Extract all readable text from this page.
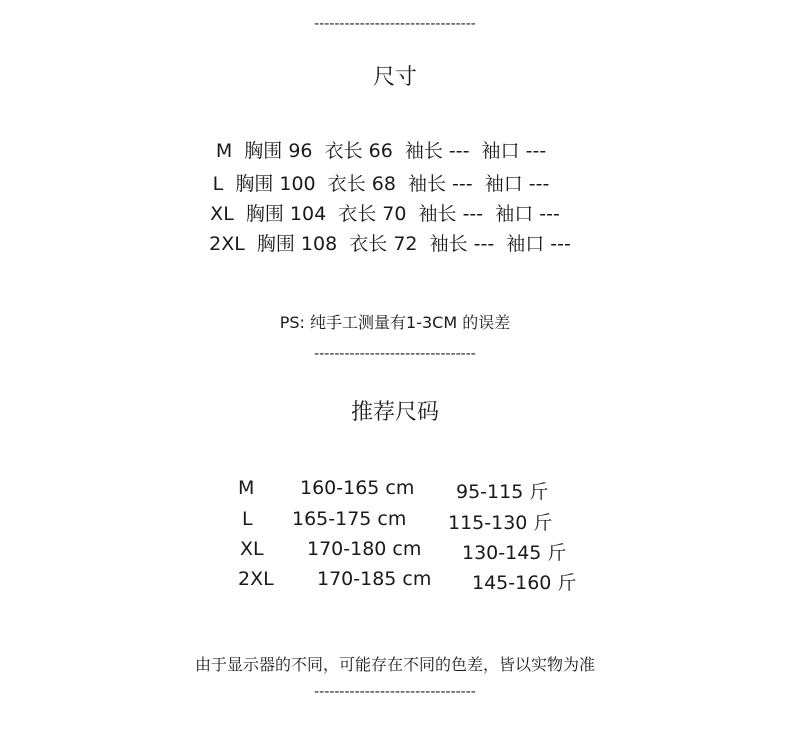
--------------------------------
尺寸
M  胸围 96  衣长 66  袖长 ---  袖口 ---
L  胸围 100  衣长 68  袖长 ---  袖口 ---
XL  胸围 104  衣长 70  袖长 ---  袖口 ---
2XL  胸围 108  衣长 72  袖长 ---  袖口 ---
PS: 纯手工测量有1-3CM 的误差
--------------------------------
推荐尺码
M 160-165 cm 95-115 斤
L 165-175 cm 115-130 斤
XL 170-180 cm 130-145 斤
2XL 170-185 cm 145-160 斤
由于显示器的不同，可能存在不同的色差，皆以实物为准
--------------------------------
